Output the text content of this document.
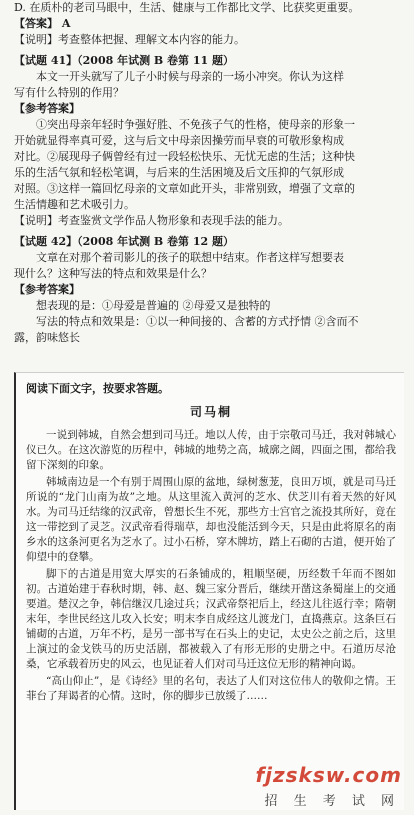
D. 在质朴的老司马眼中，生活、健康与工作都比文学、比获奖更重要。
【答案】 A
【说明】考查整体把握、理解文本内容的能力。
【试题 41】（2008 年试测 B 卷第 11 题）
本文一开头就写了儿子小时候与母亲的一场小冲突。你认为这样
写有什么特别的作用？
【参考答案】
①突出母亲年轻时争强好胜、不免孩子气的性格，使母亲的形象一
开始就显得率真可爱，这与后文中母亲因操劳而早衰的可敬形象构成
对比。②展现母子俩曾经有过一段轻松快乐、无忧无虑的生活；这种快
乐的生活气氛和轻松笔调，与后来的生活困境及后文压抑的气氛形成
对照。③这样一篇回忆母亲的文章如此开头，非常别致，增强了文章的
生活情趣和艺术吸引力。
【说明】考查鉴赏文学作品人物形象和表现手法的能力。
【试题 42】（2008 年试测 B 卷第 12 题）
文章在对那个着司影儿的孩子的联想中结束。作者这样写想要表
现什么？这种写法的特点和效果是什么？
【参考答案】
想表现的是：①母爱是普遍的 ②母爱又是独特的
写法的特点和效果是：①以一种间接的、含蓄的方式抒情 ②含而不
露，韵味悠长
阅读下面文字，按要求答题。
司马桐

一说到韩城，自然会想到司马迁。地以人传，由于宗敬司马迁，我对韩城心仪已久。在这次游览的历程中，韩城的地势之高，城廓之阔，四面之围，都给我留下深刻的印象。

韩城南边是一个有别于周围山原的盆地，绿树葱茏，良田万顷，就是司马迁所说的“龙门山南为故”之地。从这里流入黄河的芝水、伏芝川有着天然的好风水。为司马迁结缘的汉武帝，曾想长生不死，那些方士宫官之流投其所好，竟在这一带挖到了灵芝。汉武帝看得瑞草，却也没能活到今天，只是由此将原名的南乡水的这条河更名为芝水了。过小石桥，穿木牌坊，踏上石砌的古道，便开始了仰望中的登攀。

脚下的古道是用宽大厚实的石条铺成的，粗顺坚硬，历经数千年而不图如初。古道始建于春秋时期，韩、赵、魏三家分晋后，继续开凿这条蜀崖上的交通要道。楚汉之争，韩信继汉几途过兵；汉武帝祭祀后上，经这儿往返行幸；隋朝末年，李世民经这儿攻入长安；明末李自成经这儿渡龙门，直捣燕京。这条巨石铺砌的古道，万年不朽，是另一部书写在石头上的史记，太史公之前之后，这里上演过的金戈铁马的历史活剧，都被载入了有形无形的史册之中。石道历尽沧桑，它承载着历史的风云，也见证着人们对司马迁这位无形的精神向谒。

“高山仰止”，是《诗经》里的名句，表达了人们对这位伟人的敬仰之情。王菲台了拜谒者的心情。这时，你的脚步已放缓了……

fjzsksw.com
招 生 考 试 网
